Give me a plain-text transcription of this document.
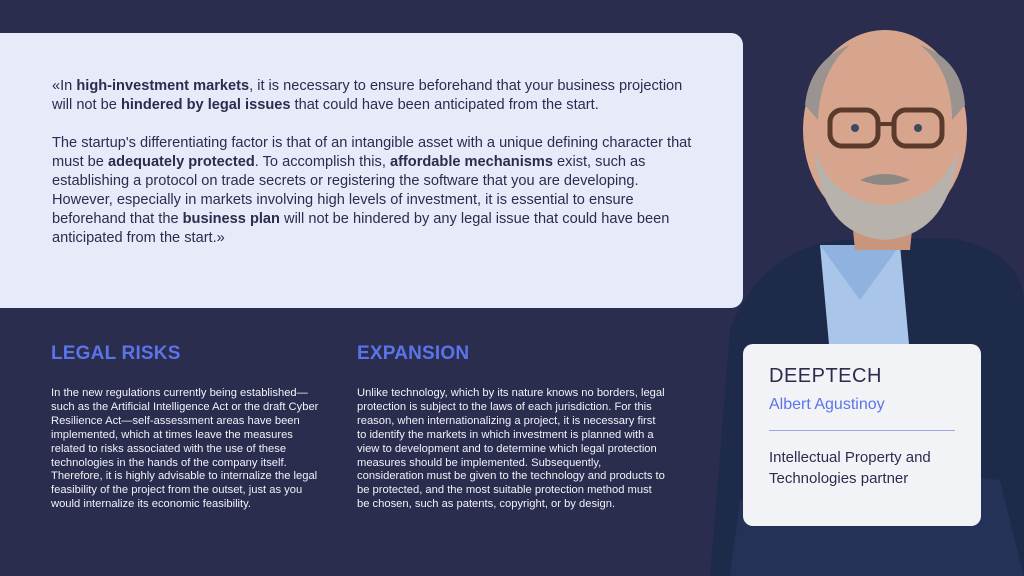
«In high-investment markets, it is necessary to ensure beforehand that your business projection will not be hindered by legal issues that could have been anticipated from the start.

The startup's differentiating factor is that of an intangible asset with a unique defining character that must be adequately protected. To accomplish this, affordable mechanisms exist, such as establishing a protocol on trade secrets or registering the software that you are developing. However, especially in markets involving high levels of investment, it is essential to ensure beforehand that the business plan will not be hindered by any legal issue that could have been anticipated from the start.»

LEGAL RISKS

In the new regulations currently being established—such as the Artificial Intelligence Act or the draft Cyber Resilience Act—self-assessment areas have been implemented, which at times leave the measures related to risks associated with the use of these technologies in the hands of the company itself. Therefore, it is highly advisable to internalize the legal feasibility of the project from the outset, just as you would internalize its economic feasibility.

EXPANSION

Unlike technology, which by its nature knows no borders, legal protection is subject to the laws of each jurisdiction. For this reason, when internationalizing a project, it is necessary first to identify the markets in which investment is planned with a view to development and to determine which legal protection measures should be implemented. Subsequently, consideration must be given to the technology and products to be protected, and the most suitable protection method must be chosen, such as patents, copyright, or by design.

DEEPTECH
Albert Agustinoy
Intellectual Property and Technologies partner
